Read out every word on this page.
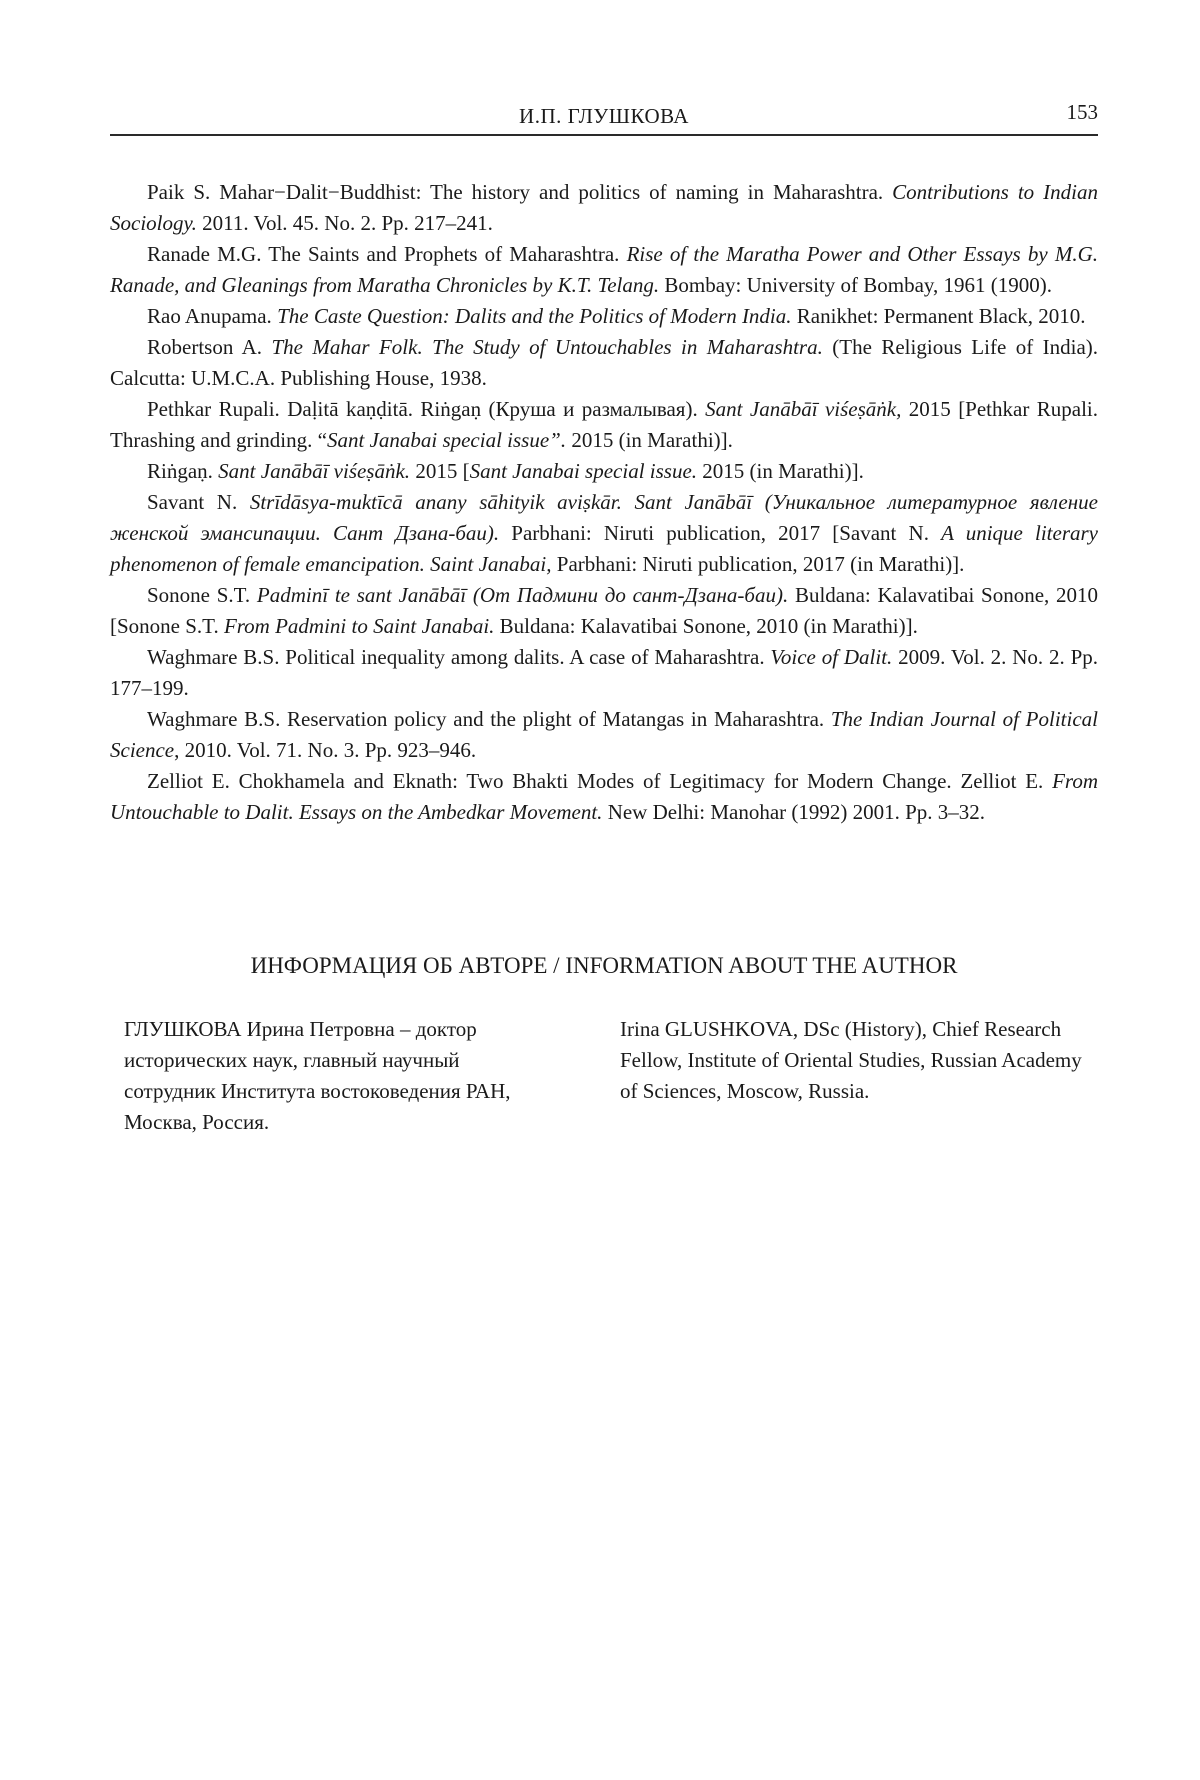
И.П. ГЛУШКОВА	153

Paik S. Mahar−Dalit−Buddhist: The history and politics of naming in Maharashtra. Contributions to Indian Sociology. 2011. Vol. 45. No. 2. Pp. 217–241.

Ranade M.G. The Saints and Prophets of Maharashtra. Rise of the Maratha Power and Other Essays by M.G. Ranade, and Gleanings from Maratha Chronicles by K.T. Telang. Bombay: University of Bombay, 1961 (1900).

Rao Anupama. The Caste Question: Dalits and the Politics of Modern India. Ranikhet: Permanent Black, 2010.

Robertson A. The Mahar Folk. The Study of Untouchables in Maharashtra. (The Religious Life of India). Calcutta: U.M.C.A. Publishing House, 1938.

Pethkar Rupali. Daḷitā kaṇḍitā. Riṅgaṇ (Круша и размалывая). Sant Janābāī viśeṣāṅk, 2015 [Pethkar Rupali. Thrashing and grinding. “Sant Janabai special issue”. 2015 (in Marathi)].

Riṅgaṇ. Sant Janābāī viśeṣāṅk. 2015 [Sant Janabai special issue. 2015 (in Marathi)].

Savant N. Strīdāsya-muktīcā anany sāhityik aviṣkār. Sant Janābāī (Уникальное литературное явление женской эмансипации. Сант Дзана-баи). Parbhani: Niruti publication, 2017 [Savant N. A unique literary phenomenon of female emancipation. Saint Janabai, Parbhani: Niruti publication, 2017 (in Marathi)].

Sonone S.T. Padminī te sant Janābāī (От Падмини до сант-Дзана-баи). Buldana: Kalavatibai Sonone, 2010 [Sonone S.T. From Padmini to Saint Janabai. Buldana: Kalavatibai Sonone, 2010 (in Marathi)].

Waghmare B.S. Political inequality among dalits. A case of Maharashtra. Voice of Dalit. 2009. Vol. 2. No. 2. Pp. 177–199.

Waghmare B.S. Reservation policy and the plight of Matangas in Maharashtra. The Indian Journal of Political Science, 2010. Vol. 71. No. 3. Pp. 923–946.

Zelliot E. Chokhamela and Eknath: Two Bhakti Modes of Legitimacy for Modern Change. Zelliot E. From Untouchable to Dalit. Essays on the Ambedkar Movement. New Delhi: Manohar (1992) 2001. Pp. 3–32.

ИНФОРМАЦИЯ ОБ АВТОРЕ / INFORMATION ABOUT THE AUTHOR
ГЛУШКОВА Ирина Петровна – доктор исторических наук, главный научный сотрудник Института востоковедения РАН, Москва, Россия.
Irina GLUSHKOVA, DSc (History), Chief Research Fellow, Institute of Oriental Studies, Russian Academy of Sciences, Moscow, Russia.
